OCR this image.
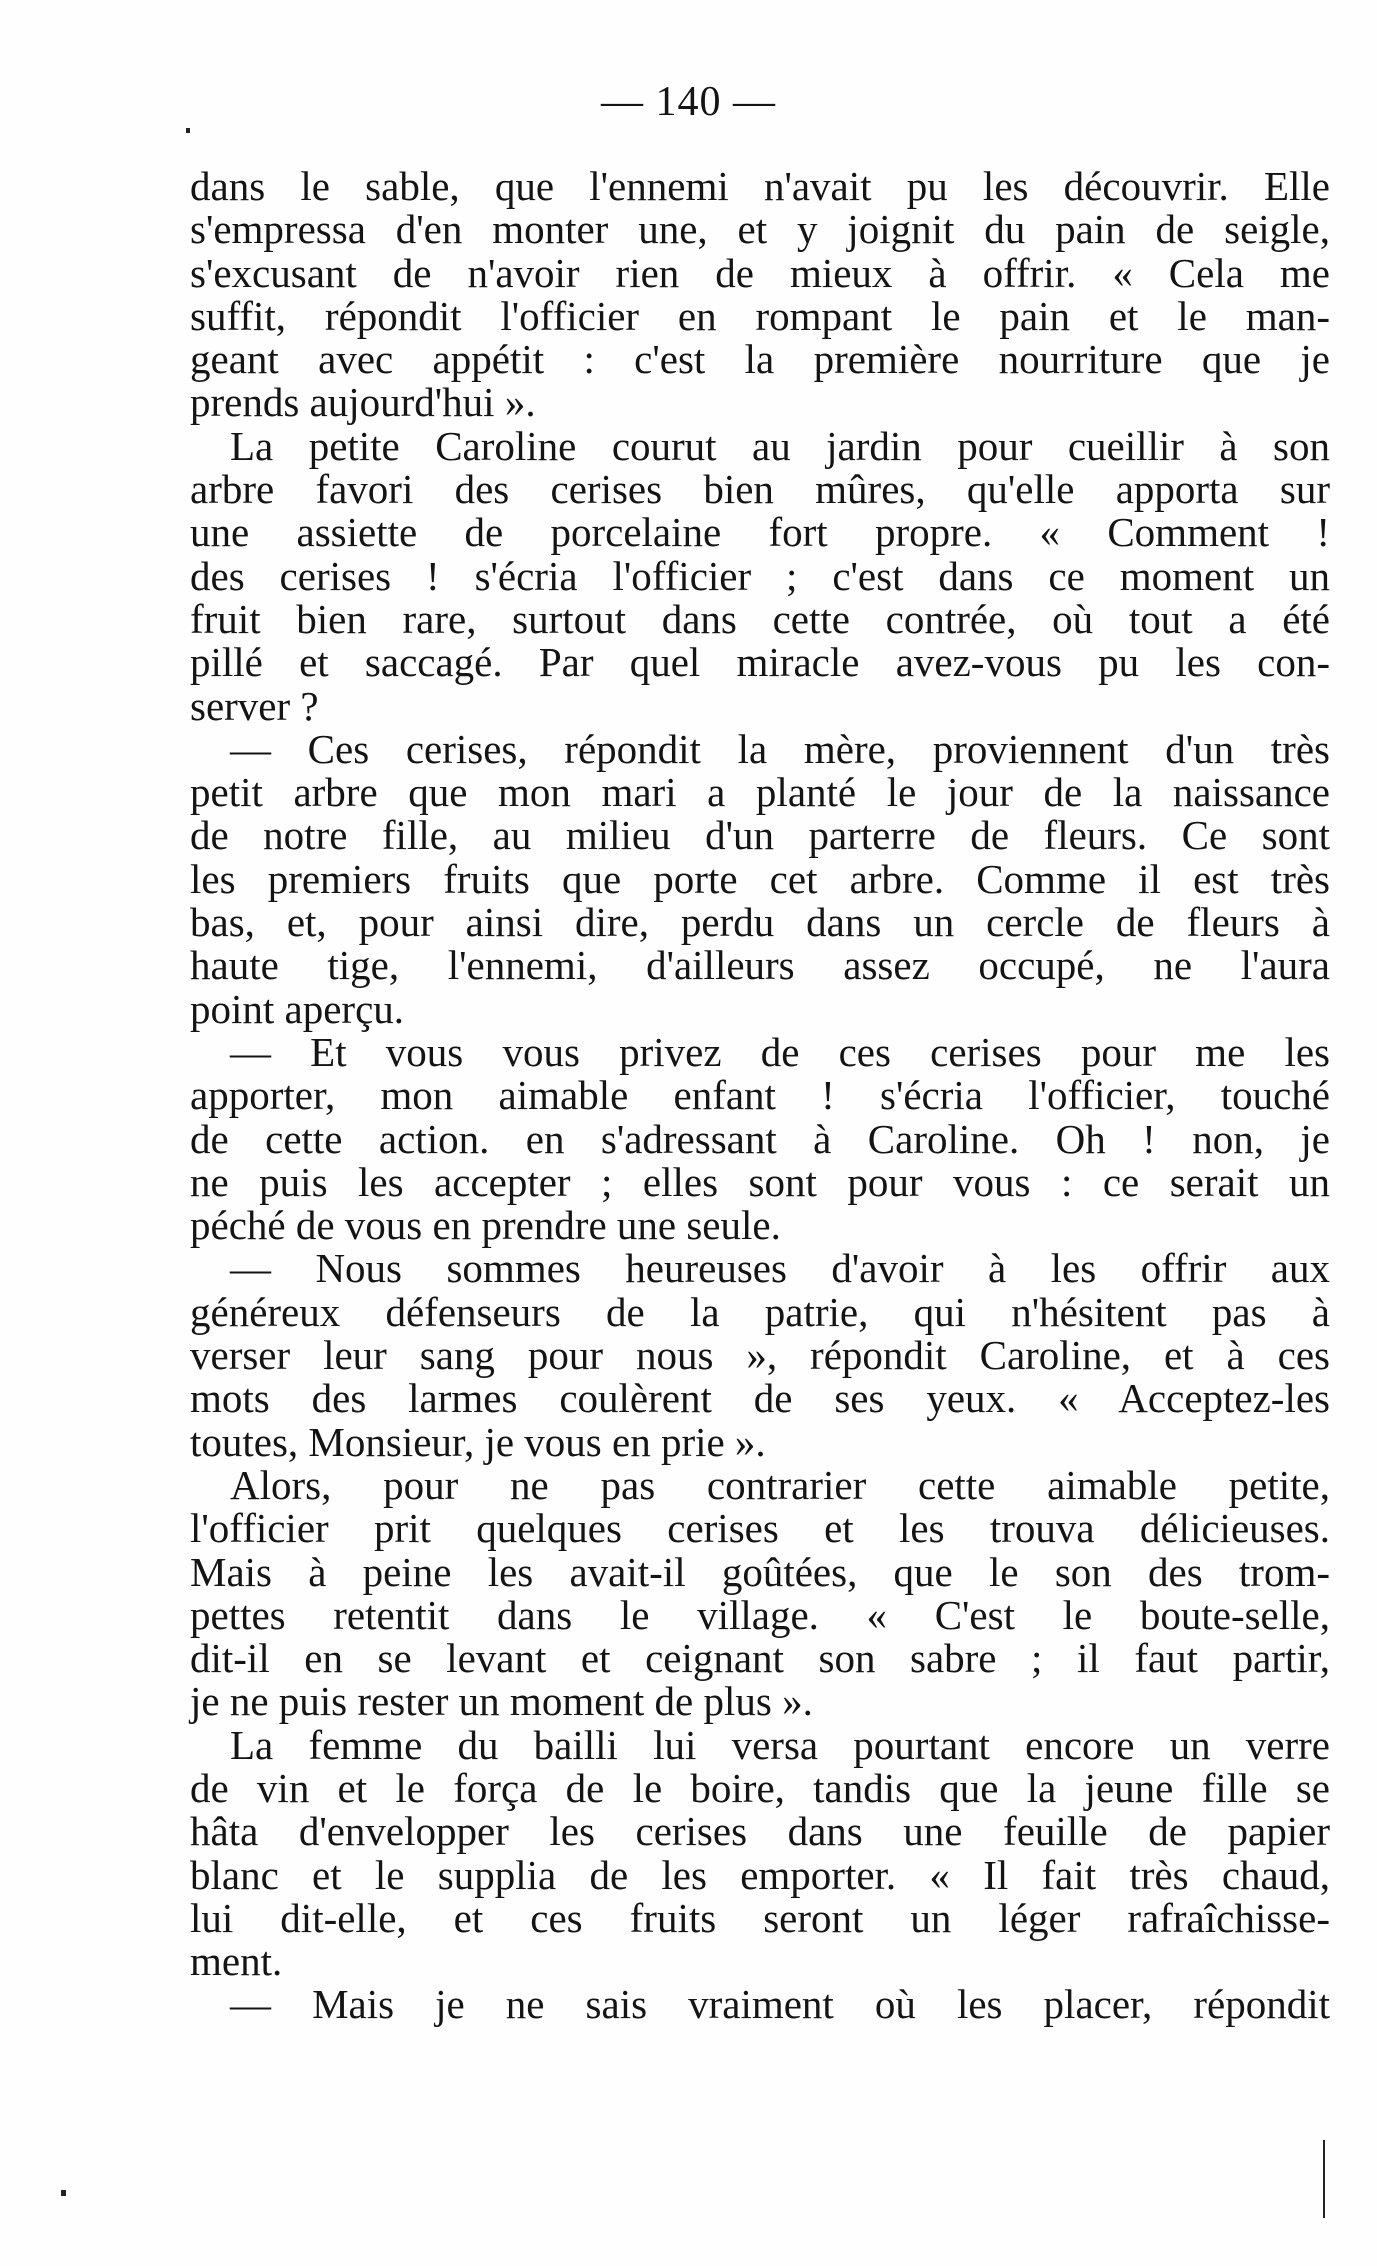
— 140 —
dans le sable, que l'ennemi n'avait pu les découvrir. Elle
s'empressa d'en monter une, et y joignit du pain de seigle,
s'excusant de n'avoir rien de mieux à offrir. « Cela me
suffit, répondit l'officier en rompant le pain et le man-
geant avec appétit : c'est la première nourriture que je
prends aujourd'hui ».
La petite Caroline courut au jardin pour cueillir à son
arbre favori des cerises bien mûres, qu'elle apporta sur
une assiette de porcelaine fort propre. « Comment !
des cerises ! s'écria l'officier ; c'est dans ce moment un
fruit bien rare, surtout dans cette contrée, où tout a été
pillé et saccagé. Par quel miracle avez-vous pu les con-
server ?
— Ces cerises, répondit la mère, proviennent d'un très
petit arbre que mon mari a planté le jour de la naissance
de notre fille, au milieu d'un parterre de fleurs. Ce sont
les premiers fruits que porte cet arbre. Comme il est très
bas, et, pour ainsi dire, perdu dans un cercle de fleurs à
haute tige, l'ennemi, d'ailleurs assez occupé, ne l'aura
point aperçu.
— Et vous vous privez de ces cerises pour me les
apporter, mon aimable enfant ! s'écria l'officier, touché
de cette action. en s'adressant à Caroline. Oh ! non, je
ne puis les accepter ; elles sont pour vous : ce serait un
péché de vous en prendre une seule.
— Nous sommes heureuses d'avoir à les offrir aux
généreux défenseurs de la patrie, qui n'hésitent pas à
verser leur sang pour nous », répondit Caroline, et à ces
mots des larmes coulèrent de ses yeux. « Acceptez-les
toutes, Monsieur, je vous en prie ».
Alors, pour ne pas contrarier cette aimable petite,
l'officier prit quelques cerises et les trouva délicieuses.
Mais à peine les avait-il goûtées, que le son des trom-
pettes retentit dans le village. « C'est le boute-selle,
dit-il en se levant et ceignant son sabre ; il faut partir,
je ne puis rester un moment de plus ».
La femme du bailli lui versa pourtant encore un verre
de vin et le força de le boire, tandis que la jeune fille se
hâta d'envelopper les cerises dans une feuille de papier
blanc et le supplia de les emporter. « Il fait très chaud,
lui dit-elle, et ces fruits seront un léger rafraîchisse-
ment.
— Mais je ne sais vraiment où les placer, répondit
